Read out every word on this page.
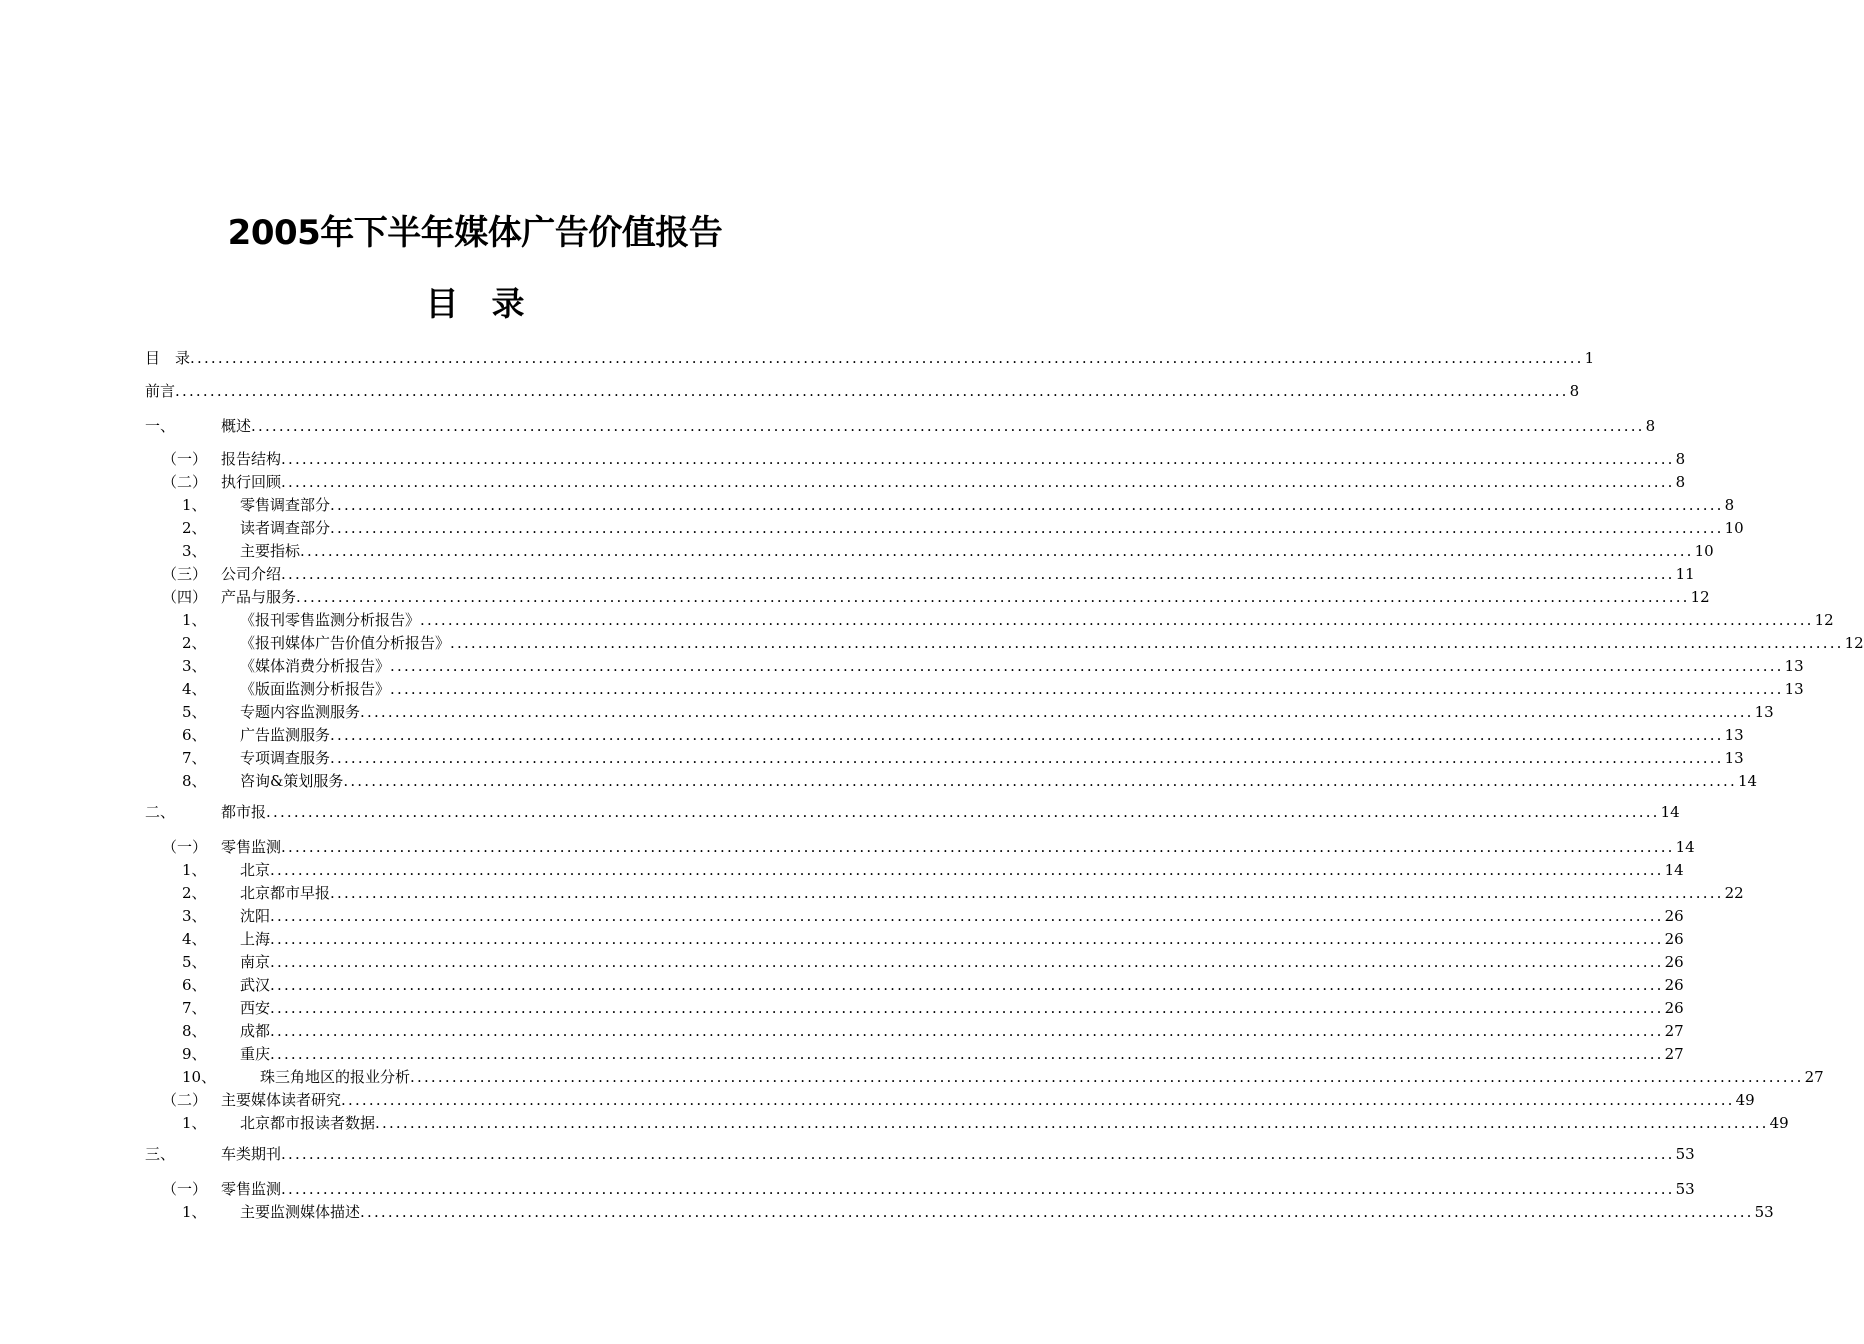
2005年下半年媒体广告价值报告
目 录
目　录 ........................................................................................................................................................................................................ 1
前言 ........................................................................................................................................................................................................ 8
一、	概述 ........................................................................................................................................................................................................ 8
（一） 报告结构 ........................................................................................................................................................................................................ 8
（二） 执行回顾 ........................................................................................................................................................................................................ 8
1、 零售调查部分 ........................................................................................................................................................................................................ 8
2、 读者调查部分 ........................................................................................................................................................................................................ 10
3、 主要指标 ........................................................................................................................................................................................................ 10
（三） 公司介绍 ........................................................................................................................................................................................................ 11
（四） 产品与服务 ........................................................................................................................................................................................................ 12
1、 《报刊零售监测分析报告》 ........................................................................................................................................................................................................ 12
2、 《报刊媒体广告价值分析报告》 ........................................................................................................................................................................................................ 12
3、 《媒体消费分析报告》 ........................................................................................................................................................................................................ 13
4、 《版面监测分析报告》 ........................................................................................................................................................................................................ 13
5、 专题内容监测服务 ........................................................................................................................................................................................................ 13
6、 广告监测服务 ........................................................................................................................................................................................................ 13
7、 专项调查服务 ........................................................................................................................................................................................................ 13
8、 咨询&策划服务 ........................................................................................................................................................................................................ 14
二、	都市报 ........................................................................................................................................................................................................ 14
（一） 零售监测 ........................................................................................................................................................................................................ 14
1、 北京 ........................................................................................................................................................................................................ 14
2、 北京都市早报 ........................................................................................................................................................................................................ 22
3、 沈阳 ........................................................................................................................................................................................................ 26
4、 上海 ........................................................................................................................................................................................................ 26
5、 南京 ........................................................................................................................................................................................................ 26
6、 武汉 ........................................................................................................................................................................................................ 26
7、 西安 ........................................................................................................................................................................................................ 26
8、 成都 ........................................................................................................................................................................................................ 27
9、 重庆 ........................................................................................................................................................................................................ 27
10、	珠三角地区的报业分析 ........................................................................................................................................................................................................ 27
（二） 主要媒体读者研究 ........................................................................................................................................................................................................ 49
1、 北京都市报读者数据 ........................................................................................................................................................................................................ 49
三、	车类期刊 ........................................................................................................................................................................................................ 53
（一） 零售监测 ........................................................................................................................................................................................................ 53
1、 主要监测媒体描述 ........................................................................................................................................................................................................ 53
